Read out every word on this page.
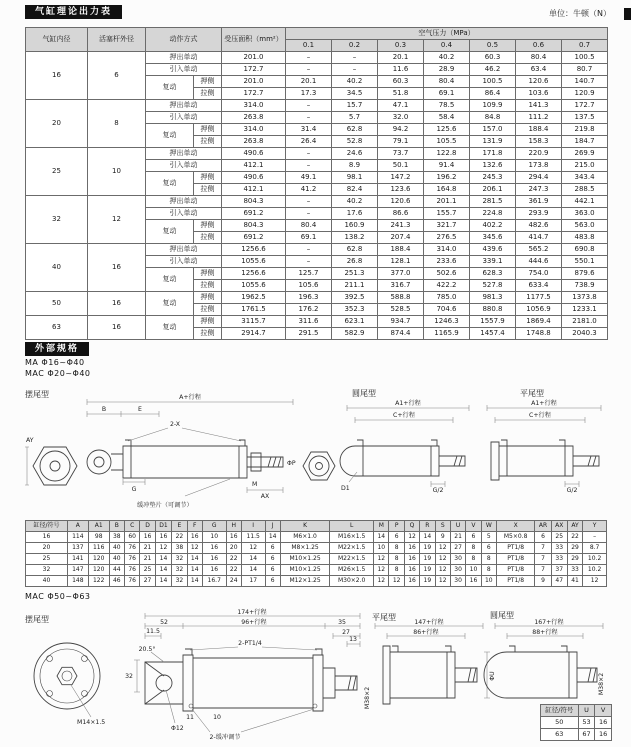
气缸理论出力表	单位：牛顿（N）
气缸内径	活塞杆外径	动作方式		受压面积（mm²）	空气压力（MPa）						
					0.1	0.2	0.3	0.4	0.5	0.6	0.7
16	6	押出单动		201.0	–	–	20.1	40.2	60.3	80.4	100.5
		引入单动		172.7	–	–	11.6	28.9	46.2	63.4	80.7
		复动	押侧	201.0	20.1	40.2	60.3	80.4	100.5	120.6	140.7
			拉侧	172.7	17.3	34.5	51.8	69.1	86.4	103.6	120.9
20	8	押出单动		314.0	–	15.7	47.1	78.5	109.9	141.3	172.7
		引入单动		263.8	–	5.7	32.0	58.4	84.8	111.2	137.5
		复动	押侧	314.0	31.4	62.8	94.2	125.6	157.0	188.4	219.8
			拉侧	263.8	26.4	52.8	79.1	105.5	131.9	158.3	184.7
25	10	押出单动		490.6	–	24.6	73.7	122.8	171.8	220.9	269.9
		引入单动		412.1	–	8.9	50.1	91.4	132.6	173.8	215.0
		复动	押侧	490.6	49.1	98.1	147.2	196.2	245.3	294.4	343.4
			拉侧	412.1	41.2	82.4	123.6	164.8	206.1	247.3	288.5
32	12	押出单动		804.3	–	40.2	120.6	201.1	281.5	361.9	442.1
		引入单动		691.2	–	17.6	86.6	155.7	224.8	293.9	363.0
		复动	押侧	804.3	80.4	160.9	241.3	321.7	402.2	482.6	563.0
			拉侧	691.2	69.1	138.2	207.4	276.5	345.6	414.7	483.8
40	16	押出单动		1256.6	–	62.8	188.4	314.0	439.6	565.2	690.8
		引入单动		1055.6	–	26.8	128.1	233.6	339.1	444.6	550.1
		复动	押侧	1256.6	125.7	251.3	377.0	502.6	628.3	754.0	879.6
			拉侧	1055.6	105.6	211.1	316.7	422.2	527.8	633.4	738.9
50	16	复动	押侧	1962.5	196.3	392.5	588.8	785.0	981.3	1177.5	1373.8
			拉侧	1761.5	176.2	352.3	528.5	704.6	880.8	1056.9	1233.1
63	16	复动	押侧	3115.7	311.6	623.1	934.7	1246.3	1557.9	1869.4	2181.0
			拉侧	2914.7	291.5	582.9	874.4	1165.9	1457.4	1748.8	2040.3
外部规格
MA Φ16~Φ40
MAC Φ20~Φ40
摆尾型	圆尾型	平尾型
AY
A+行程
B	E
2-X
ΦP
M
AX
G
缓冲垫片（可调节）
A1+行程
C+行程
G/2
D1
A1+行程
C+行程
G/2
缸径/符号	A	A1	B	C	D	D1	E	F	G	H	I	J	K	L	M	P	Q	R	S	U	V	W	X	AR	AX	AY	Y
16	114	98	38	60	16	16	22	16	10	16	11.5	14	M6×1.0	M16×1.5	14	6	12	14	9	21	6	5	M5×0.8	6	25	22	–
20	137	116	40	76	21	12	38	12	16	20	12	6	M8×1.25	M22×1.5	10	8	16	19	12	27	8	6	PT1/8	7	33	29	8.7
25	141	120	40	76	21	14	32	14	16	22	14	6	M10×1.25	M22×1.5	12	8	16	19	12	30	8	8	PT1/8	7	33	29	10.2
32	147	120	44	76	25	14	32	14	16	22	14	6	M10×1.25	M26×1.5	12	8	16	19	12	30	10	8	PT1/8	7	37	33	10.2
40	148	122	46	76	27	14	32	14	16.7	24	17	6	M12×1.25	M30×2.0	12	12	16	19	12	30	16	10	PT1/8	9	47	41	12
MAC Φ50~Φ63
摆尾型	平尾型	圆尾型
174+行程
96+行程
52	35
27
13
11.5
32
20.5°
2-PT1/4
M38×2
Φ12
2-缓冲调节
11	10
M14×1.5
147+行程
86+行程
ΦU
167+行程
88+行程
M38×2
缸径/符号	U	V
50	53	16
63	67	16
